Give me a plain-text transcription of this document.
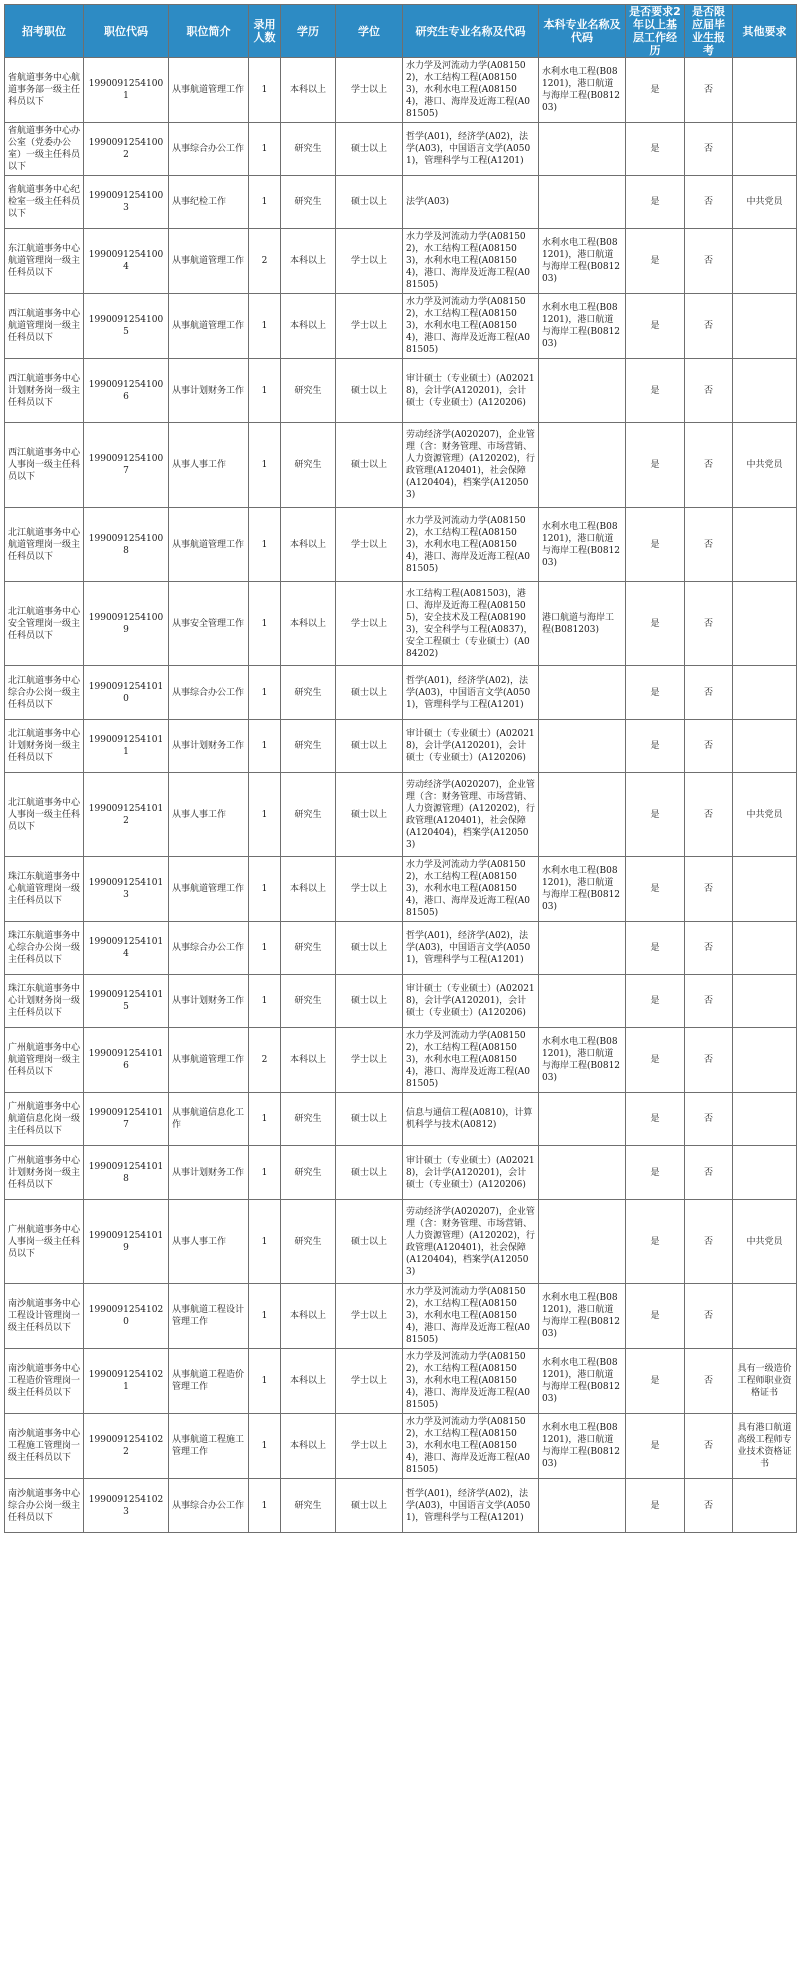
招考职位	职位代码	职位简介	录用人数	学历	学位	研究生专业名称及代码	本科专业名称及代码	是否要求2年以上基层工作经历	是否限应届毕业生报考	其他要求
省航道事务中心航道事务部一级主任科员以下	19900912541001	从事航道管理工作	1	本科以上	学士以上	水力学及河流动力学(A081502)，水工结构工程(A081503)，水利水电工程(A081504)，港口、海岸及近海工程(A081505)	水利水电工程(B081201)，港口航道与海岸工程(B081203)	是	否	
省航道事务中心办公室（党委办公室）一级主任科员以下	19900912541002	从事综合办公工作	1	研究生	硕士以上	哲学(A01)，经济学(A02)，法学(A03)，中国语言文学(A0501)，管理科学与工程(A1201)		是	否	
省航道事务中心纪检室一级主任科员以下	19900912541003	从事纪检工作	1	研究生	硕士以上	法学(A03)		是	否	中共党员
东江航道事务中心航道管理岗一级主任科员以下	19900912541004	从事航道管理工作	2	本科以上	学士以上	水力学及河流动力学(A081502)，水工结构工程(A081503)，水利水电工程(A081504)，港口、海岸及近海工程(A081505)	水利水电工程(B081201)，港口航道与海岸工程(B081203)	是	否	
西江航道事务中心航道管理岗一级主任科员以下	19900912541005	从事航道管理工作	1	本科以上	学士以上	水力学及河流动力学(A081502)，水工结构工程(A081503)，水利水电工程(A081504)，港口、海岸及近海工程(A081505)	水利水电工程(B081201)，港口航道与海岸工程(B081203)	是	否	
西江航道事务中心计划财务岗一级主任科员以下	19900912541006	从事计划财务工作	1	研究生	硕士以上	审计硕士（专业硕士）(A020218)，会计学(A120201)，会计硕士（专业硕士）(A120206)		是	否	
西江航道事务中心人事岗一级主任科员以下	19900912541007	从事人事工作	1	研究生	硕士以上	劳动经济学(A020207)，企业管理（含：财务管理、市场营销、人力资源管理）(A120202)，行政管理(A120401)，社会保障(A120404)，档案学(A120503)		是	否	中共党员
北江航道事务中心航道管理岗一级主任科员以下	19900912541008	从事航道管理工作	1	本科以上	学士以上	水力学及河流动力学(A081502)，水工结构工程(A081503)，水利水电工程(A081504)，港口、海岸及近海工程(A081505)	水利水电工程(B081201)，港口航道与海岸工程(B081203)	是	否	
北江航道事务中心安全管理岗一级主任科员以下	19900912541009	从事安全管理工作	1	本科以上	学士以上	水工结构工程(A081503)，港口、海岸及近海工程(A081505)，安全技术及工程(A081903)，安全科学与工程(A0837)，安全工程硕士（专业硕士）(A084202)	港口航道与海岸工程(B081203)	是	否	
北江航道事务中心综合办公岗一级主任科员以下	19900912541010	从事综合办公工作	1	研究生	硕士以上	哲学(A01)，经济学(A02)，法学(A03)，中国语言文学(A0501)，管理科学与工程(A1201)		是	否	
北江航道事务中心计划财务岗一级主任科员以下	19900912541011	从事计划财务工作	1	研究生	硕士以上	审计硕士（专业硕士）(A020218)，会计学(A120201)，会计硕士（专业硕士）(A120206)		是	否	
北江航道事务中心人事岗一级主任科员以下	19900912541012	从事人事工作	1	研究生	硕士以上	劳动经济学(A020207)，企业管理（含：财务管理、市场营销、人力资源管理）(A120202)，行政管理(A120401)，社会保障(A120404)，档案学(A120503)		是	否	中共党员
珠江东航道事务中心航道管理岗一级主任科员以下	19900912541013	从事航道管理工作	1	本科以上	学士以上	水力学及河流动力学(A081502)，水工结构工程(A081503)，水利水电工程(A081504)，港口、海岸及近海工程(A081505)	水利水电工程(B081201)，港口航道与海岸工程(B081203)	是	否	
珠江东航道事务中心综合办公岗一级主任科员以下	19900912541014	从事综合办公工作	1	研究生	硕士以上	哲学(A01)，经济学(A02)，法学(A03)，中国语言文学(A0501)，管理科学与工程(A1201)		是	否	
珠江东航道事务中心计划财务岗一级主任科员以下	19900912541015	从事计划财务工作	1	研究生	硕士以上	审计硕士（专业硕士）(A020218)，会计学(A120201)，会计硕士（专业硕士）(A120206)		是	否	
广州航道事务中心航道管理岗一级主任科员以下	19900912541016	从事航道管理工作	2	本科以上	学士以上	水力学及河流动力学(A081502)，水工结构工程(A081503)，水利水电工程(A081504)，港口、海岸及近海工程(A081505)	水利水电工程(B081201)，港口航道与海岸工程(B081203)	是	否	
广州航道事务中心航道信息化岗一级主任科员以下	19900912541017	从事航道信息化工作	1	研究生	硕士以上	信息与通信工程(A0810)，计算机科学与技术(A0812)		是	否	
广州航道事务中心计划财务岗一级主任科员以下	19900912541018	从事计划财务工作	1	研究生	硕士以上	审计硕士（专业硕士）(A020218)，会计学(A120201)，会计硕士（专业硕士）(A120206)		是	否	
广州航道事务中心人事岗一级主任科员以下	19900912541019	从事人事工作	1	研究生	硕士以上	劳动经济学(A020207)，企业管理（含：财务管理、市场营销、人力资源管理）(A120202)，行政管理(A120401)，社会保障(A120404)，档案学(A120503)		是	否	中共党员
南沙航道事务中心工程设计管理岗一级主任科员以下	19900912541020	从事航道工程设计管理工作	1	本科以上	学士以上	水力学及河流动力学(A081502)，水工结构工程(A081503)，水利水电工程(A081504)，港口、海岸及近海工程(A081505)	水利水电工程(B081201)，港口航道与海岸工程(B081203)	是	否	
南沙航道事务中心工程造价管理岗一级主任科员以下	19900912541021	从事航道工程造价管理工作	1	本科以上	学士以上	水力学及河流动力学(A081502)，水工结构工程(A081503)，水利水电工程(A081504)，港口、海岸及近海工程(A081505)	水利水电工程(B081201)，港口航道与海岸工程(B081203)	是	否	具有一级造价工程师职业资格证书
南沙航道事务中心工程施工管理岗一级主任科员以下	19900912541022	从事航道工程施工管理工作	1	本科以上	学士以上	水力学及河流动力学(A081502)，水工结构工程(A081503)，水利水电工程(A081504)，港口、海岸及近海工程(A081505)	水利水电工程(B081201)，港口航道与海岸工程(B081203)	是	否	具有港口航道高级工程师专业技术资格证书
南沙航道事务中心综合办公岗一级主任科员以下	19900912541023	从事综合办公工作	1	研究生	硕士以上	哲学(A01)，经济学(A02)，法学(A03)，中国语言文学(A0501)，管理科学与工程(A1201)		是	否	
